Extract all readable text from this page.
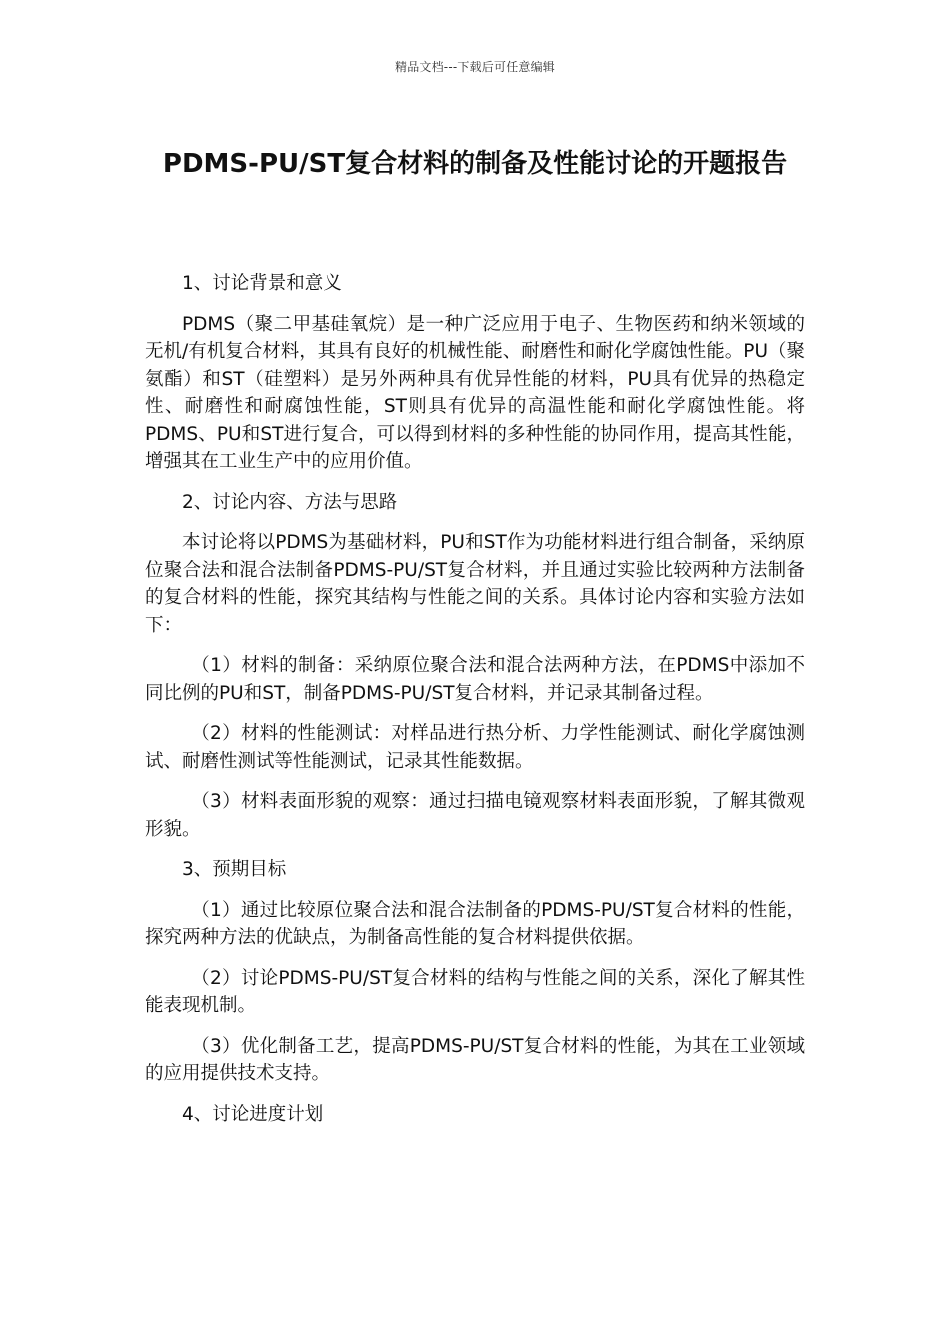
精品文档---下载后可任意编辑
PDMS-PU/ST复合材料的制备及性能讨论的开题报告
1、讨论背景和意义
PDMS（聚二甲基硅氧烷）是一种广泛应用于电子、生物医药和纳米领域的无机/有机复合材料，其具有良好的机械性能、耐磨性和耐化学腐蚀性能。PU（聚氨酯）和ST（硅塑料）是另外两种具有优异性能的材料，PU具有优异的热稳定性、耐磨性和耐腐蚀性能，ST则具有优异的高温性能和耐化学腐蚀性能。将PDMS、PU和ST进行复合，可以得到材料的多种性能的协同作用，提高其性能，增强其在工业生产中的应用价值。
2、讨论内容、方法与思路
本讨论将以PDMS为基础材料，PU和ST作为功能材料进行组合制备，采纳原位聚合法和混合法制备PDMS-PU/ST复合材料，并且通过实验比较两种方法制备的复合材料的性能，探究其结构与性能之间的关系。具体讨论内容和实验方法如下：
（1）材料的制备：采纳原位聚合法和混合法两种方法，在PDMS中添加不同比例的PU和ST，制备PDMS-PU/ST复合材料，并记录其制备过程。
（2）材料的性能测试：对样品进行热分析、力学性能测试、耐化学腐蚀测试、耐磨性测试等性能测试，记录其性能数据。
（3）材料表面形貌的观察：通过扫描电镜观察材料表面形貌，了解其微观形貌。
3、预期目标
（1）通过比较原位聚合法和混合法制备的PDMS-PU/ST复合材料的性能，探究两种方法的优缺点，为制备高性能的复合材料提供依据。
（2）讨论PDMS-PU/ST复合材料的结构与性能之间的关系，深化了解其性能表现机制。
（3）优化制备工艺，提高PDMS-PU/ST复合材料的性能，为其在工业领域的应用提供技术支持。
4、讨论进度计划
